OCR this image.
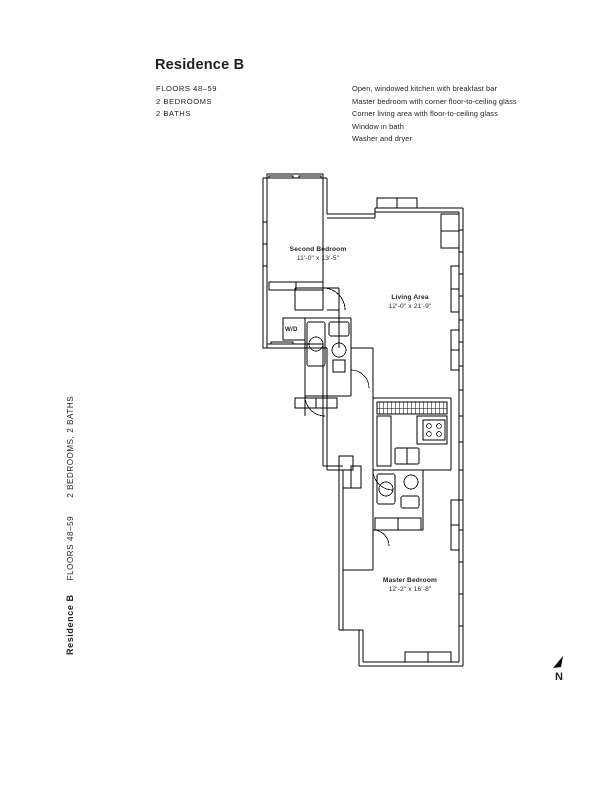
Residence B
FLOORS 48–59
2 BEDROOMS
2 BATHS
Open, windowed kitchen with breakfast bar
Master bedroom with corner floor-to-ceiling glass
Corner living area with floor-to-ceiling glass
Window in bath
Washer and dryer
Residence BFLOORS 48–592 BEDROOMS, 2 BATHS
Second Bedroom
11'-0" x 13'-5"
Living Area
12'-0" x 21'-9"
Master Bedroom
12'-2" x 16'-8"
W/D
N
